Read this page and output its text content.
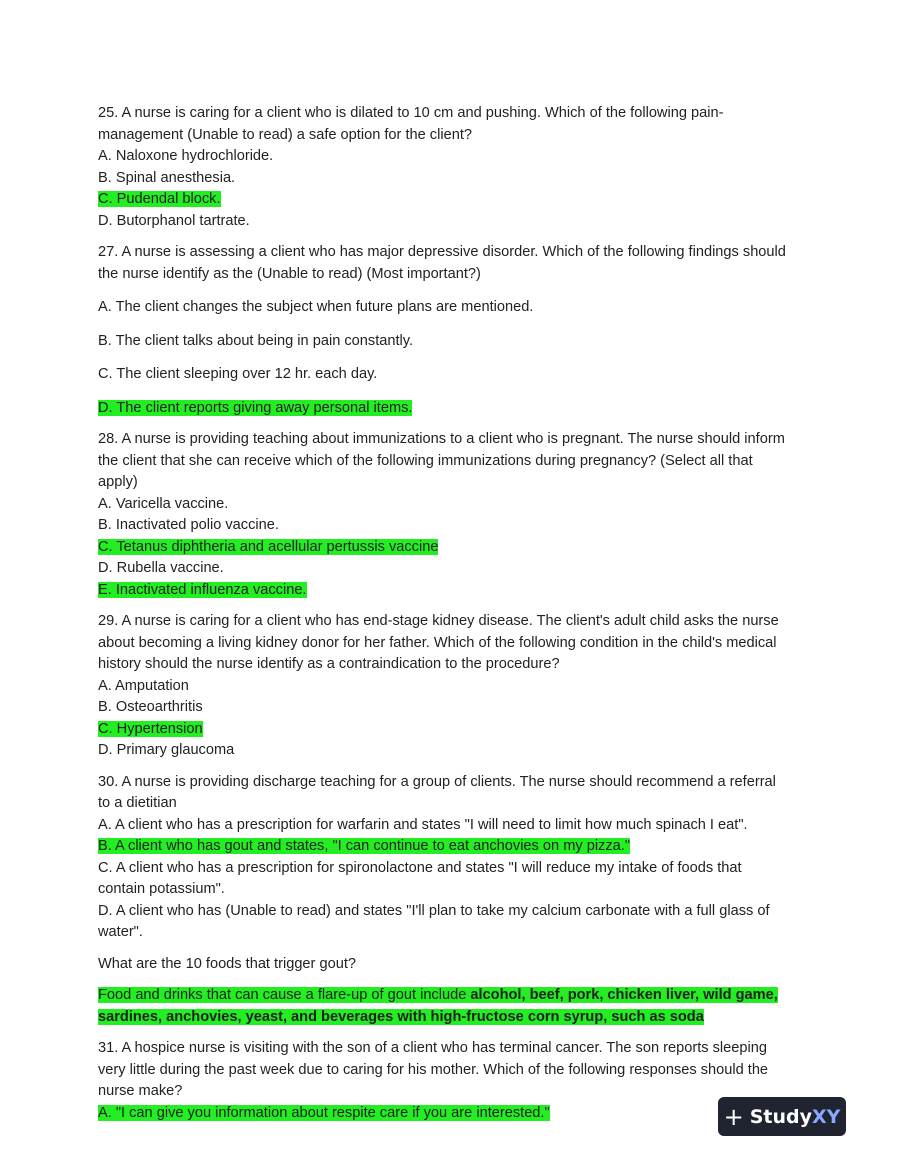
25. A nurse is caring for a client who is dilated to 10 cm and pushing. Which of the following pain-
management (Unable to read) a safe option for the client?
A. Naloxone hydrochloride.
B. Spinal anesthesia.
C. Pudendal block.
D. Butorphanol tartrate.
27. A nurse is assessing a client who has major depressive disorder. Which of the following findings should
the nurse identify as the (Unable to read) (Most important?)
A. The client changes the subject when future plans are mentioned.
B. The client talks about being in pain constantly.
C. The client sleeping over 12 hr. each day.
D. The client reports giving away personal items.
28. A nurse is providing teaching about immunizations to a client who is pregnant. The nurse should inform
the client that she can receive which of the following immunizations during pregnancy? (Select all that
apply)
A. Varicella vaccine.
B. Inactivated polio vaccine.
C. Tetanus diphtheria and acellular pertussis vaccine
D. Rubella vaccine.
E. Inactivated influenza vaccine.
29. A nurse is caring for a client who has end-stage kidney disease. The client's adult child asks the nurse
about becoming a living kidney donor for her father. Which of the following condition in the child's medical
history should the nurse identify as a contraindication to the procedure?
A. Amputation
B. Osteoarthritis
C. Hypertension
D. Primary glaucoma
30. A nurse is providing discharge teaching for a group of clients. The nurse should recommend a referral
to a dietitian
A. A client who has a prescription for warfarin and states "I will need to limit how much spinach I eat".
B. A client who has gout and states, "I can continue to eat anchovies on my pizza."
C. A client who has a prescription for spironolactone and states "I will reduce my intake of foods that
contain potassium".
D. A client who has (Unable to read) and states "I'll plan to take my calcium carbonate with a full glass of
water".
What are the 10 foods that trigger gout?
Food and drinks that can cause a flare-up of gout include alcohol, beef, pork, chicken liver, wild game,
sardines, anchovies, yeast, and beverages with high-fructose corn syrup, such as soda
31. A hospice nurse is visiting with the son of a client who has terminal cancer. The son reports sleeping
very little during the past week due to caring for his mother. Which of the following responses should the
nurse make?
A. "I can give you information about respite care if you are interested."	+ Study XY
